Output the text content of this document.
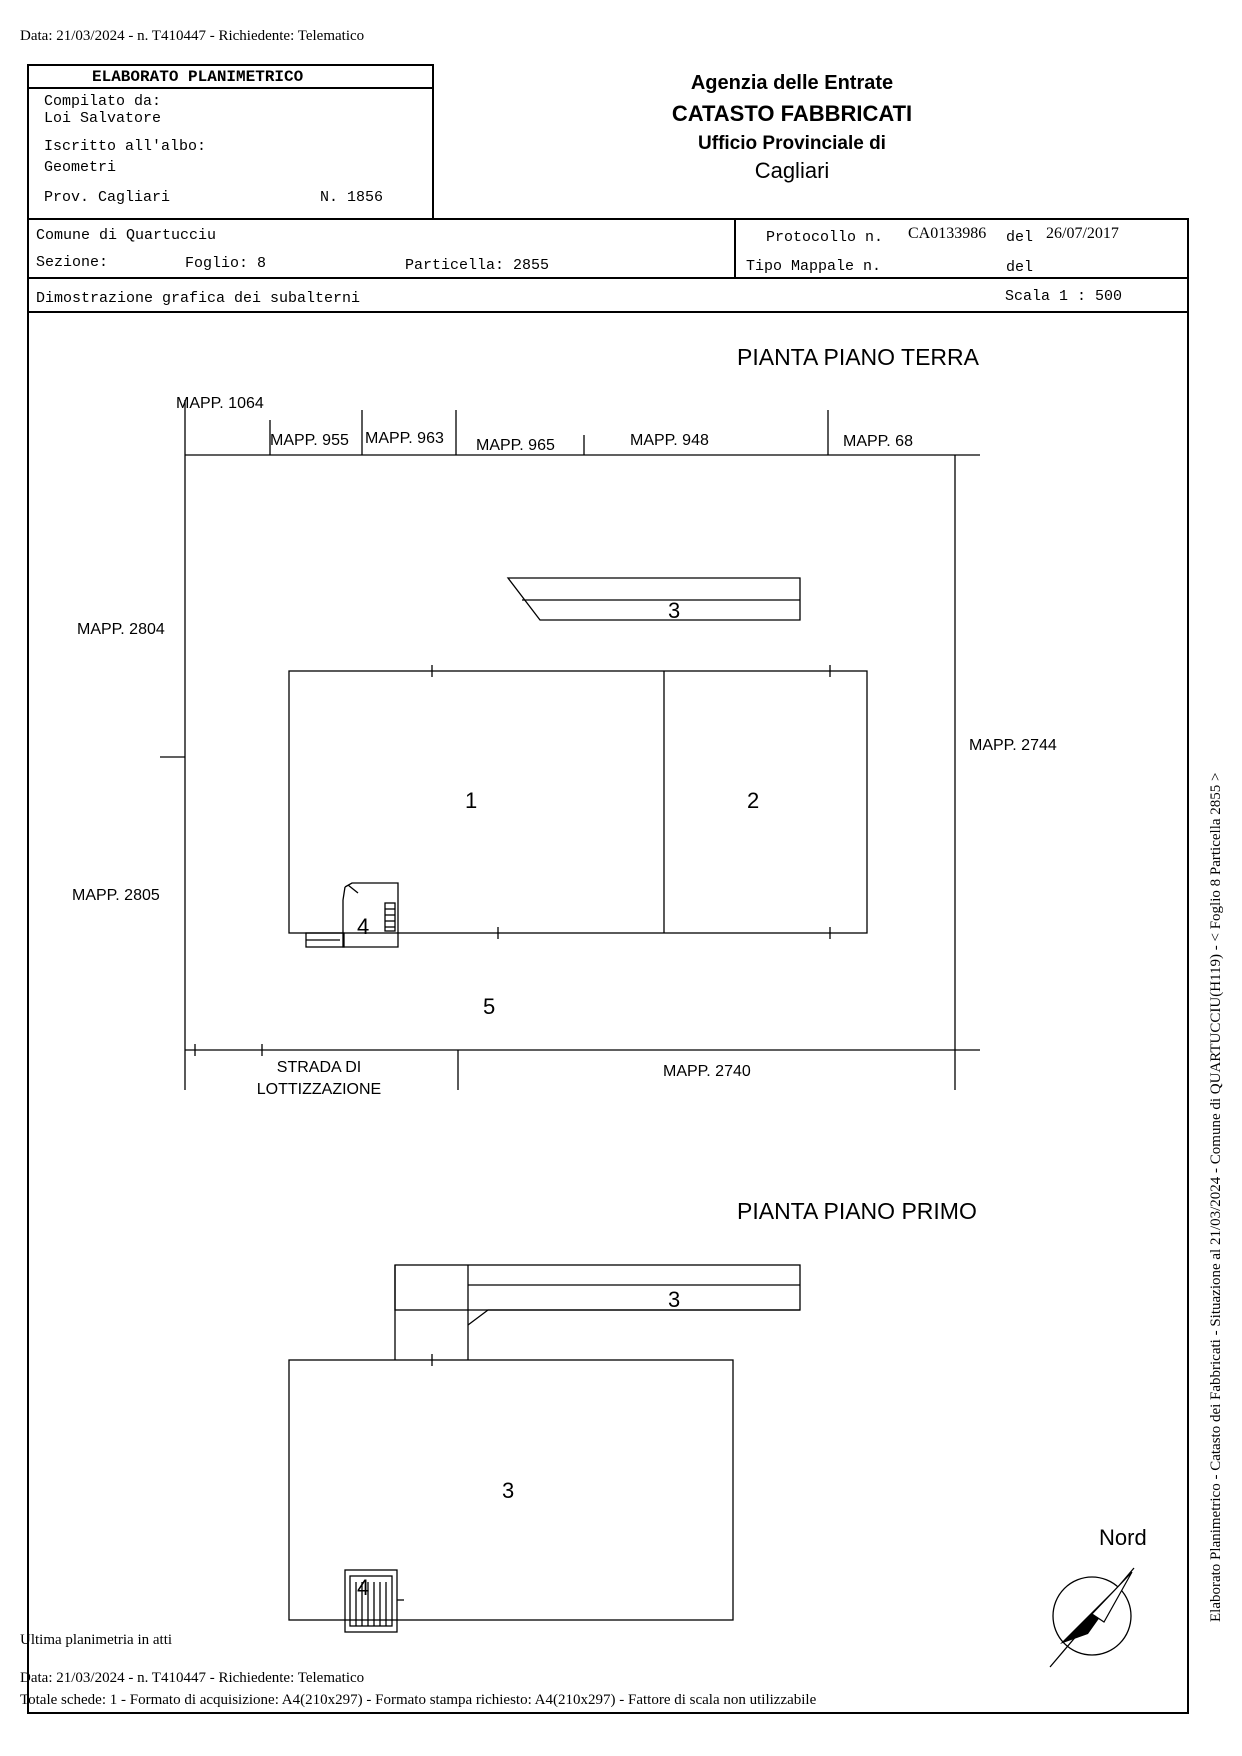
Data: 21/03/2024 - n. T410447 - Richiedente: Telematico
ELABORATO PLANIMETRICO
Compilato da:
Loi Salvatore
Iscritto all'albo:
Geometri
Prov. Cagliari	N. 1856
Agenzia delle Entrate
CATASTO FABBRICATI
Ufficio Provinciale di
Cagliari
Comune di Quartucciu
Sezione:	Foglio: 8	Particella: 2855
Protocollo n. CA0133986 del 26/07/2017
Tipo Mappale n.	del
Dimostrazione grafica dei subalterni	Scala 1 : 500
PIANTA PIANO TERRA
MAPP. 1064
MAPP. 955 MAPP. 963 MAPP. 965	MAPP. 948	MAPP. 68
MAPP. 2804
MAPP. 2805
MAPP. 2744
MAPP. 2740
STRADA DI
LOTTIZZAZIONE
3
1	2
4
5
PIANTA PIANO PRIMO
3
3
4
Nord	Elaborato Planimetrico - Catasto dei Fabbricati - Situazione al 21/03/2024 - Comune di QUARTUCCIU(H119) - < Foglio 8 Particella 2855 >
Ultima planimetria in atti
Data: 21/03/2024 - n. T410447 - Richiedente: Telematico
Totale schede: 1 - Formato di acquisizione: A4(210x297) - Formato stampa richiesto: A4(210x297) - Fattore di scala non utilizzabile
